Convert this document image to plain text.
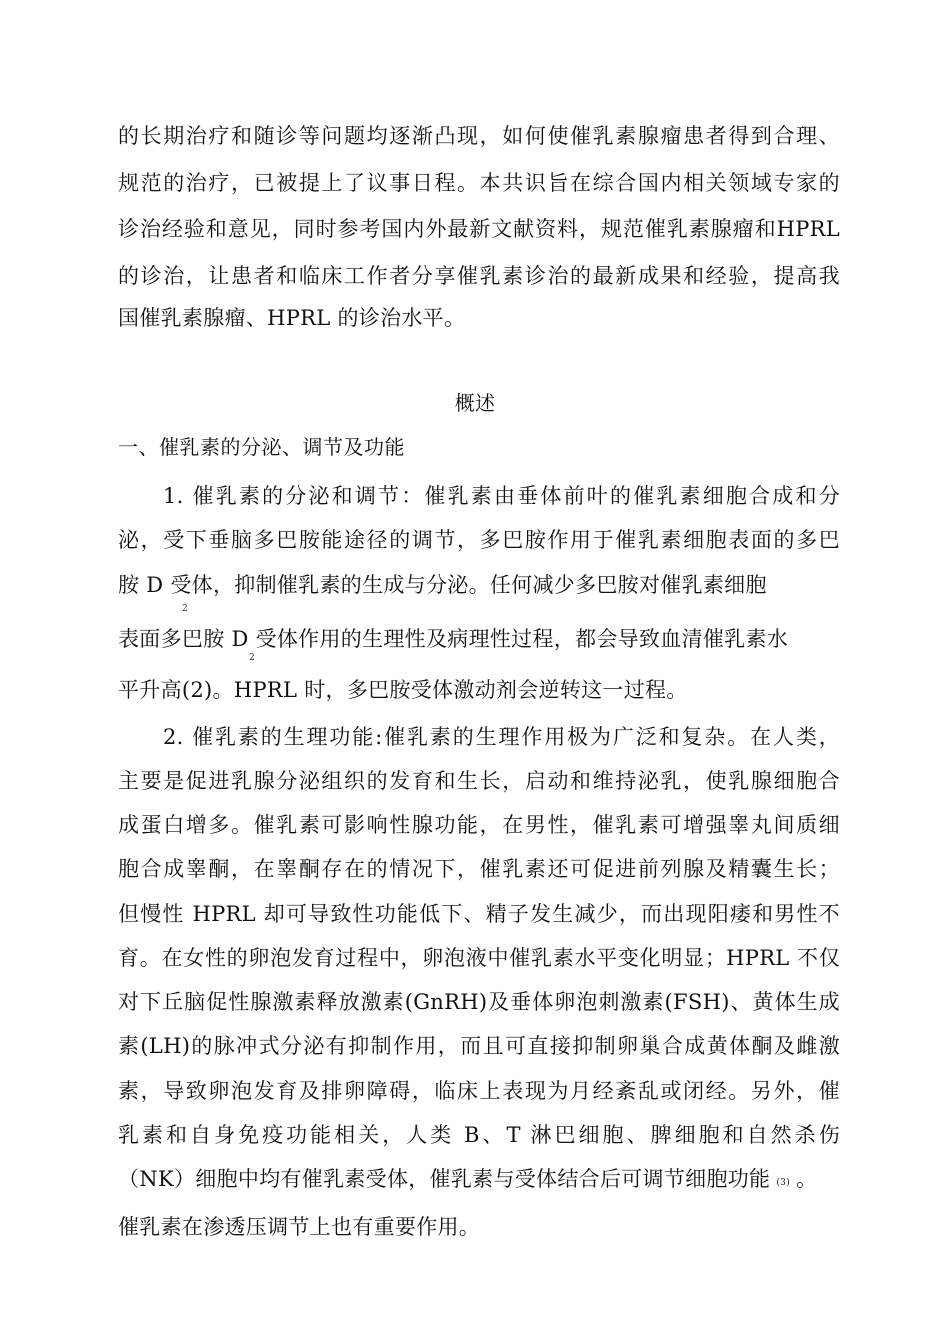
的长期治疗和随诊等问题均逐渐凸现，如何使催乳素腺瘤患者得到合理、
规范的治疗，已被提上了议事日程。本共识旨在综合国内相关领域专家的
诊治经验和意见，同时参考国内外最新文献资料，规范催乳素腺瘤和HPRL
的诊治，让患者和临床工作者分享催乳素诊治的最新成果和经验，提高我
国催乳素腺瘤、HPRL 的诊治水平。
概述
一、催乳素的分泌、调节及功能
1. 催乳素的分泌和调节：催乳素由垂体前叶的催乳素细胞合成和分
泌，受下垂脑多巴胺能途径的调节，多巴胺作用于催乳素细胞表面的多巴
胺 D 受体，抑制催乳素的生成与分泌。任何减少多巴胺对催乳素细胞
2
表面多巴胺 D 受体作用的生理性及病理性过程，都会导致血清催乳素水
2
平升高(2)。HPRL 时，多巴胺受体激动剂会逆转这一过程。
2. 催乳素的生理功能:催乳素的生理作用极为广泛和复杂。在人类，
主要是促进乳腺分泌组织的发育和生长，启动和维持泌乳，使乳腺细胞合
成蛋白增多。催乳素可影响性腺功能，在男性，催乳素可增强睾丸间质细
胞合成睾酮，在睾酮存在的情况下，催乳素还可促进前列腺及精囊生长；
但慢性 HPRL 却可导致性功能低下、精子发生减少，而出现阳痿和男性不
育。在女性的卵泡发育过程中，卵泡液中催乳素水平变化明显；HPRL 不仅
对下丘脑促性腺激素释放激素(GnRH)及垂体卵泡刺激素(FSH)、黄体生成
素(LH)的脉冲式分泌有抑制作用，而且可直接抑制卵巢合成黄体酮及雌激
素，导致卵泡发育及排卵障碍，临床上表现为月经紊乱或闭经。另外，催
乳素和自身免疫功能相关，人类 B、T 淋巴细胞、脾细胞和自然杀伤
（NK）细胞中均有催乳素受体，催乳素与受体结合后可调节细胞功能 (3) 。
催乳素在渗透压调节上也有重要作用。
